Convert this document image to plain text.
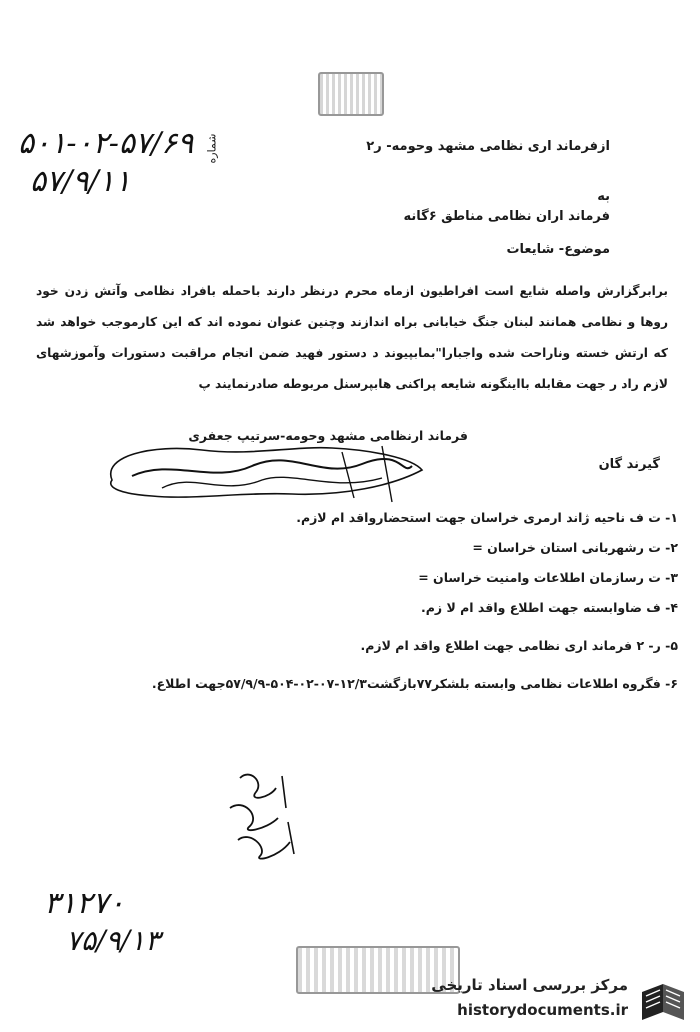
۵۰۱-۰۲-۵۷/۶۹ شماره
۵۷/۹/۱۱
ازفرماند اری نظامی مشهد وحومه- ر۲
به
فرماند اران نظامی مناطق ۶گانه
موضوع- شایعات
برابرگزارش واصله شایع است افراطیون ازماه محرم درنظر دارند باحمله بافراد نظامی وآتش زدن خود روها و نظامی همانند لبنان جنگ خیابانی براه اندازند وچنین عنوان نموده اند که این کارموجب خواهد شد که ارتش خسته وناراحت شده واجبارا"بمابپیوند د دستور فهید ضمن انجام مراقبت دستورات وآموزشهای لازم راد ر جهت مقابله بااینگونه شایعه پراکنی هابپرسنل مربوطه صادرنمایند پ
فرماند ارنظامی مشهد وحومه-سرتیپ جعفری
گیرند گان
۱- ت ف ناحیه ژاند ارمری خراسان جهت استحضارواقد ام لازم.
۲- ت رشهربانی استان خراسان =
۳- ت رسازمان اطلاعات وامنیت خراسان =
۴- ف ضاوابسته جهت اطلاع واقد ام لا زم.
۵- ر- ۲ فرماند اری نظامی جهت اطلاع واقد ام لازم.
۶- فگروه اطلاعات نظامی وابسته بلشکر۷۷بازگشت۱۲/۳-۰۷-۰۲-۵۰۴-۵۷/۹/۹جهت اطلاع.
۳۱۲۷۰
۷۵/۹/۱۳
مرکز بررسی اسناد تاریخی
historydocuments.ir
